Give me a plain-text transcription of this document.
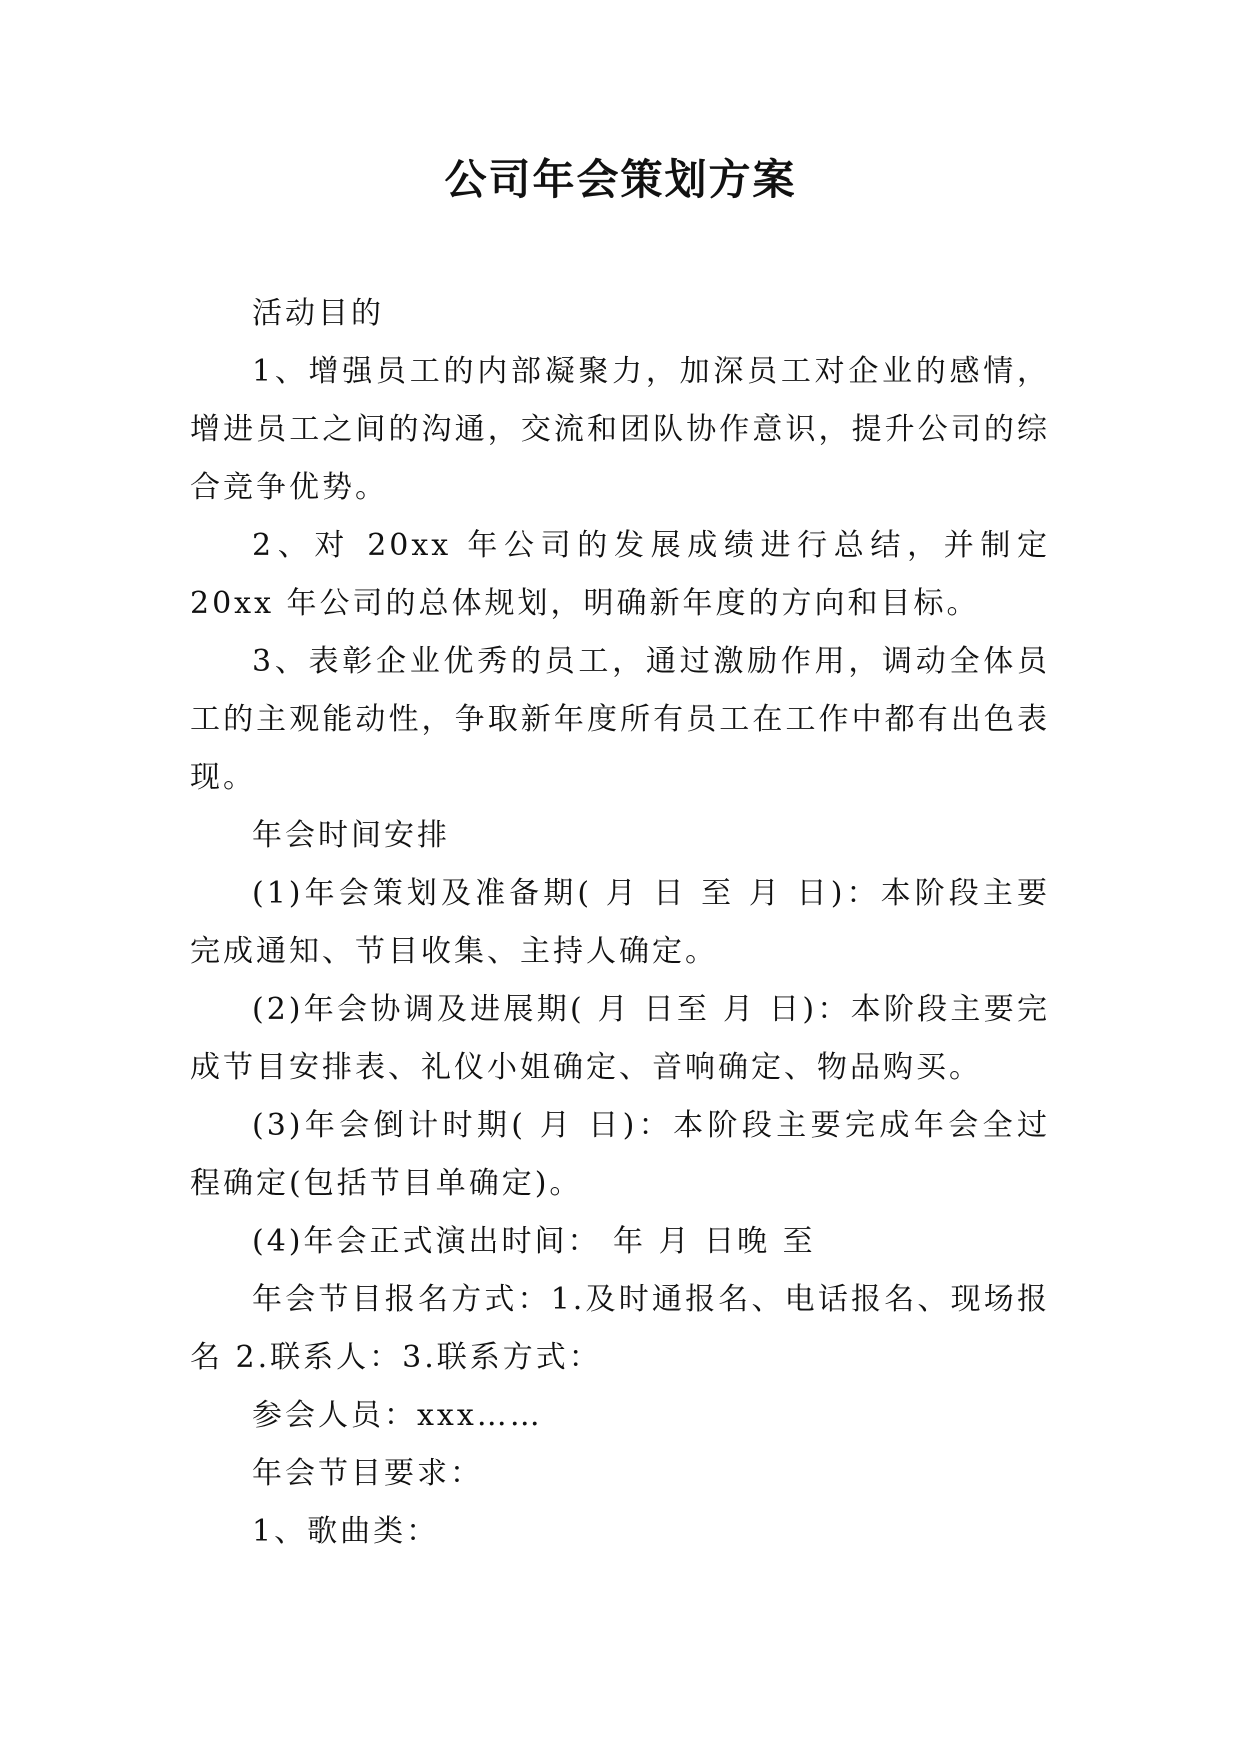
公司年会策划方案

活动目的

1、增强员工的内部凝聚力，加深员工对企业的感情，增进员工之间的沟通，交流和团队协作意识，提升公司的综合竞争优势。

2、对 20xx 年公司的发展成绩进行总结，并制定 20xx 年公司的总体规划，明确新年度的方向和目标。

3、表彰企业优秀的员工，通过激励作用，调动全体员工的主观能动性，争取新年度所有员工在工作中都有出色表现。

年会时间安排

(1)年会策划及准备期( 月 日 至 月 日)：本阶段主要完成通知、节目收集、主持人确定。

(2)年会协调及进展期( 月 日至 月 日)：本阶段主要完成节目安排表、礼仪小姐确定、音响确定、物品购买。

(3)年会倒计时期( 月 日)：本阶段主要完成年会全过程确定(包括节目单确定)。

(4)年会正式演出时间： 年 月 日晚 至

年会节目报名方式：1.及时通报名、电话报名、现场报名 2.联系人：3.联系方式：

参会人员：xxx……

年会节目要求：

1、歌曲类：
